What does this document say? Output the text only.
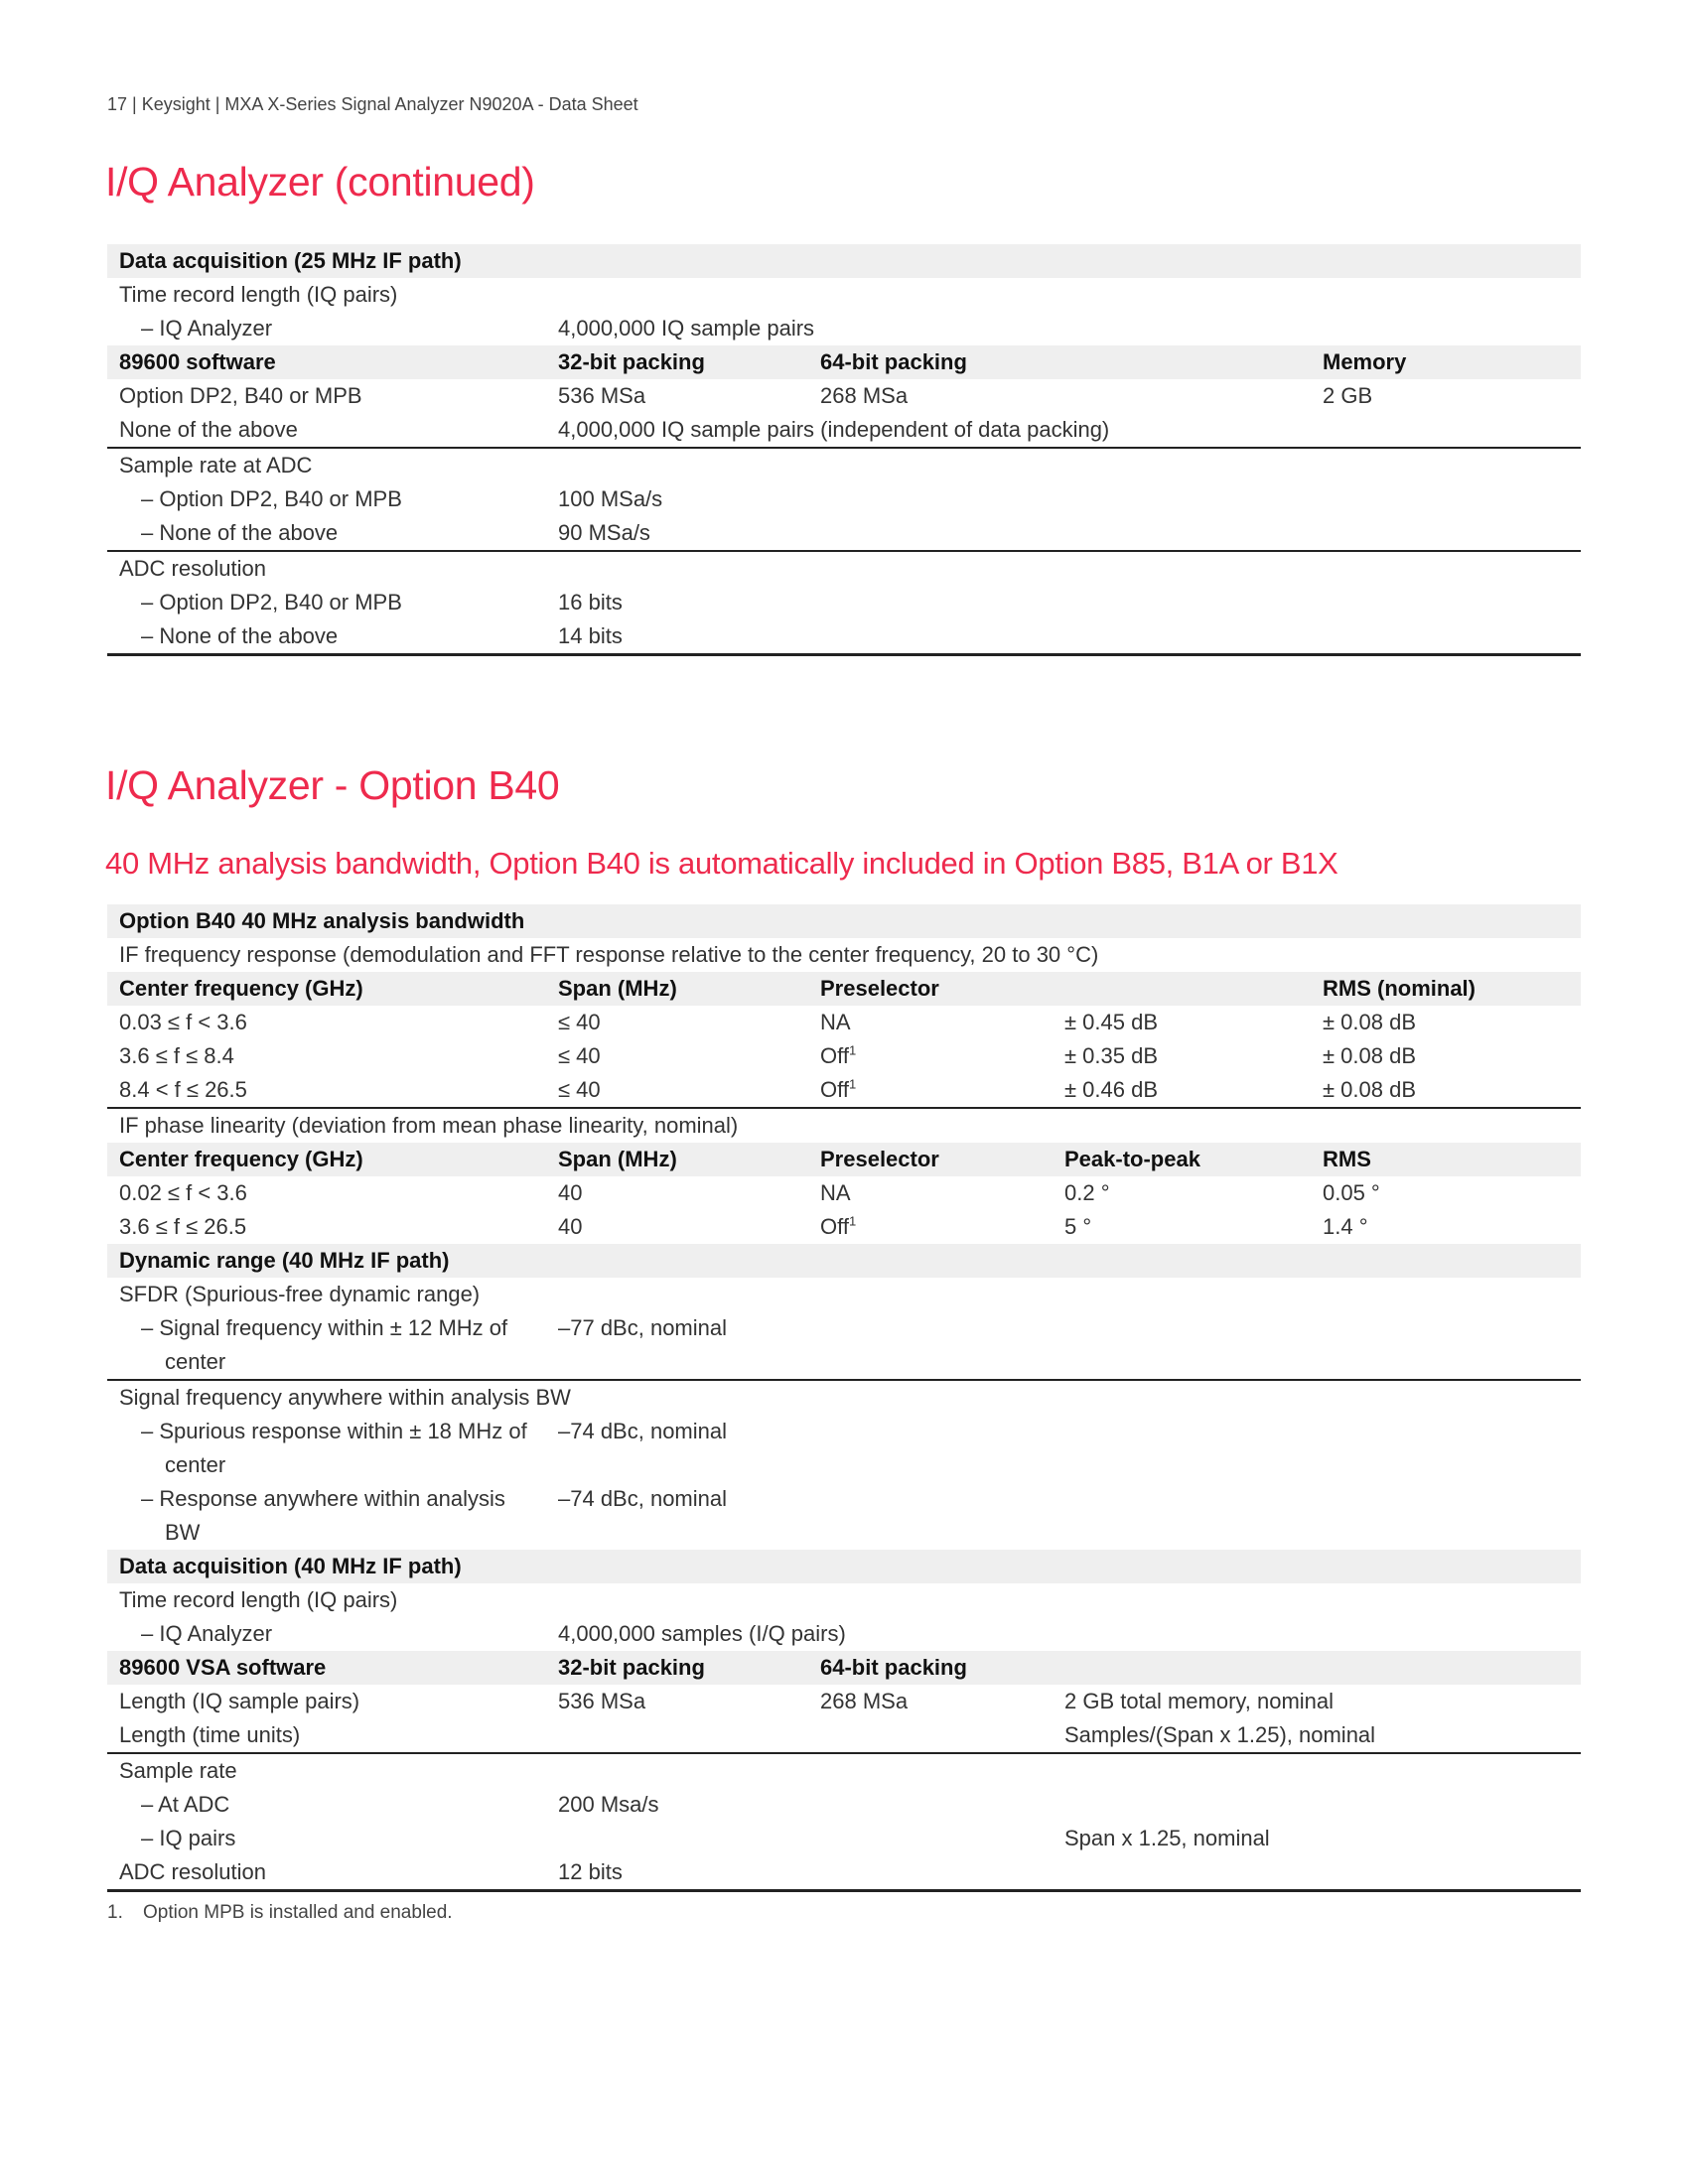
17 | Keysight | MXA X-Series Signal Analyzer N9020A - Data Sheet
I/Q Analyzer (continued)
Data acquisition (25 MHz IF path)			
Time record length (IQ pairs)			
– IQ Analyzer	4,000,000 IQ sample pairs		
89600 software	32-bit packing	64-bit packing	Memory
Option DP2, B40 or MPB	536 MSa	268 MSa	2 GB
None of the above	4,000,000 IQ sample pairs (independent of data packing)		
Sample rate at ADC			
– Option DP2, B40 or MPB	100 MSa/s		
– None of the above	90 MSa/s		
ADC resolution			
– Option DP2, B40 or MPB	16 bits		
– None of the above	14 bits		
I/Q Analyzer - Option B40
40 MHz analysis bandwidth, Option B40 is automatically included in Option B85, B1A or B1X
Option B40 40 MHz analysis bandwidth				
IF frequency response (demodulation and FFT response relative to the center frequency, 20 to 30 °C)				
Center frequency (GHz)	Span (MHz)	Preselector		RMS (nominal)
0.03 ≤ f < 3.6	≤ 40	NA	± 0.45 dB	± 0.08 dB
3.6 ≤ f ≤ 8.4	≤ 40	Off$^1$	± 0.35 dB	± 0.08 dB
8.4 < f ≤ 26.5	≤ 40	Off$^1$	± 0.46 dB	± 0.08 dB
IF phase linearity (deviation from mean phase linearity, nominal)				
Center frequency (GHz)	Span (MHz)	Preselector	Peak-to-peak	RMS
0.02 ≤ f < 3.6	40	NA	0.2 °	0.05 °
3.6 ≤ f ≤ 26.5	40	Off$^1$	5 °	1.4 °
Dynamic range (40 MHz IF path)				
SFDR (Spurious-free dynamic range)				
– Signal frequency within ± 12 MHz of center	–77 dBc, nominal			
Signal frequency anywhere within analysis BW				
– Spurious response within ± 18 MHz of center	–74 dBc, nominal			
– Response anywhere within analysis BW	–74 dBc, nominal			
Data acquisition (40 MHz IF path)				
Time record length (IQ pairs)				
– IQ Analyzer	4,000,000 samples (I/Q pairs)			
89600 VSA software	32-bit packing	64-bit packing		
Length (IQ sample pairs)	536 MSa	268 MSa	2 GB total memory, nominal	
Length (time units)			Samples/(Span x 1.25), nominal	
Sample rate				
– At ADC	200 Msa/s			
– IQ pairs			Span x 1.25, nominal	
ADC resolution	12 bits			
1. Option MPB is installed and enabled.
